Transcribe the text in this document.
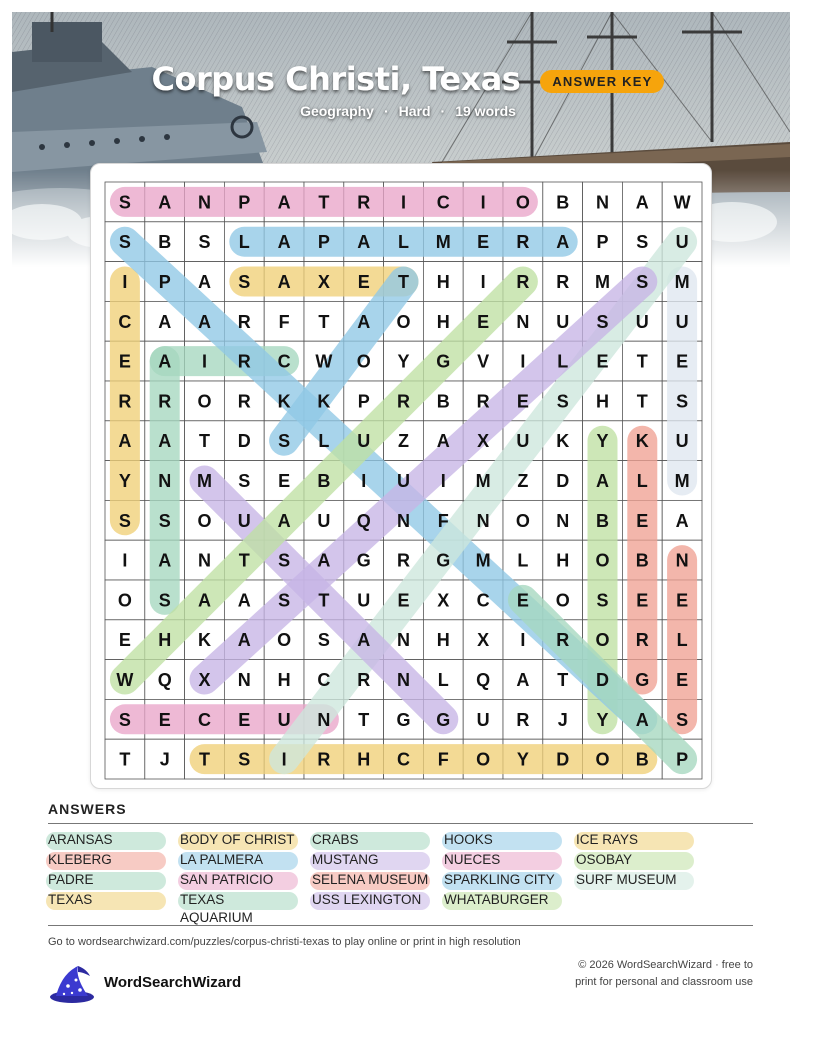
Corpus Christi, Texas ANSWER KEY
Geography · Hard · 19 words
S A N P A T R I C I O B N A W
S B S L A P A L M E R A P S U
I P A S A X E T H I R R M S M
C A A R F T A O H E N U S U U
E A I R C W O Y G V I L E T E
R R O R K K P R B R E S H T S
A A T D S L U Z A X U K Y K U
Y N M S E B I U I M Z D A L M
S S O U A U Q N F N O N B E A
I A N T S A G R G M L H O B N
O S A A S T U E X C E O S E E
E H K A O S A N H X I R O R L
W Q X N H C R N L Q A T D G E
S E C E U N T G G U R J Y A S
T J T S I R H C F O Y D O B P
ANSWERS
ARANSAS
KLEBERG
PADRE
TEXAS
BODY OF CHRIST
LA PALMERA
SAN PATRICIO
TEXAS AQUARIUM
CRABS
MUSTANG
SELENA MUSEUM
USS LEXINGTON
HOOKS
NUECES
SPARKLING CITY
WHATABURGER
ICE RAYS
OSOBAY
SURF MUSEUM
Go to wordsearchwizard.com/puzzles/corpus-christi-texas to play online or print in high resolution
WordSearchWizard
© 2026 WordSearchWizard · free to print for personal and classroom use
